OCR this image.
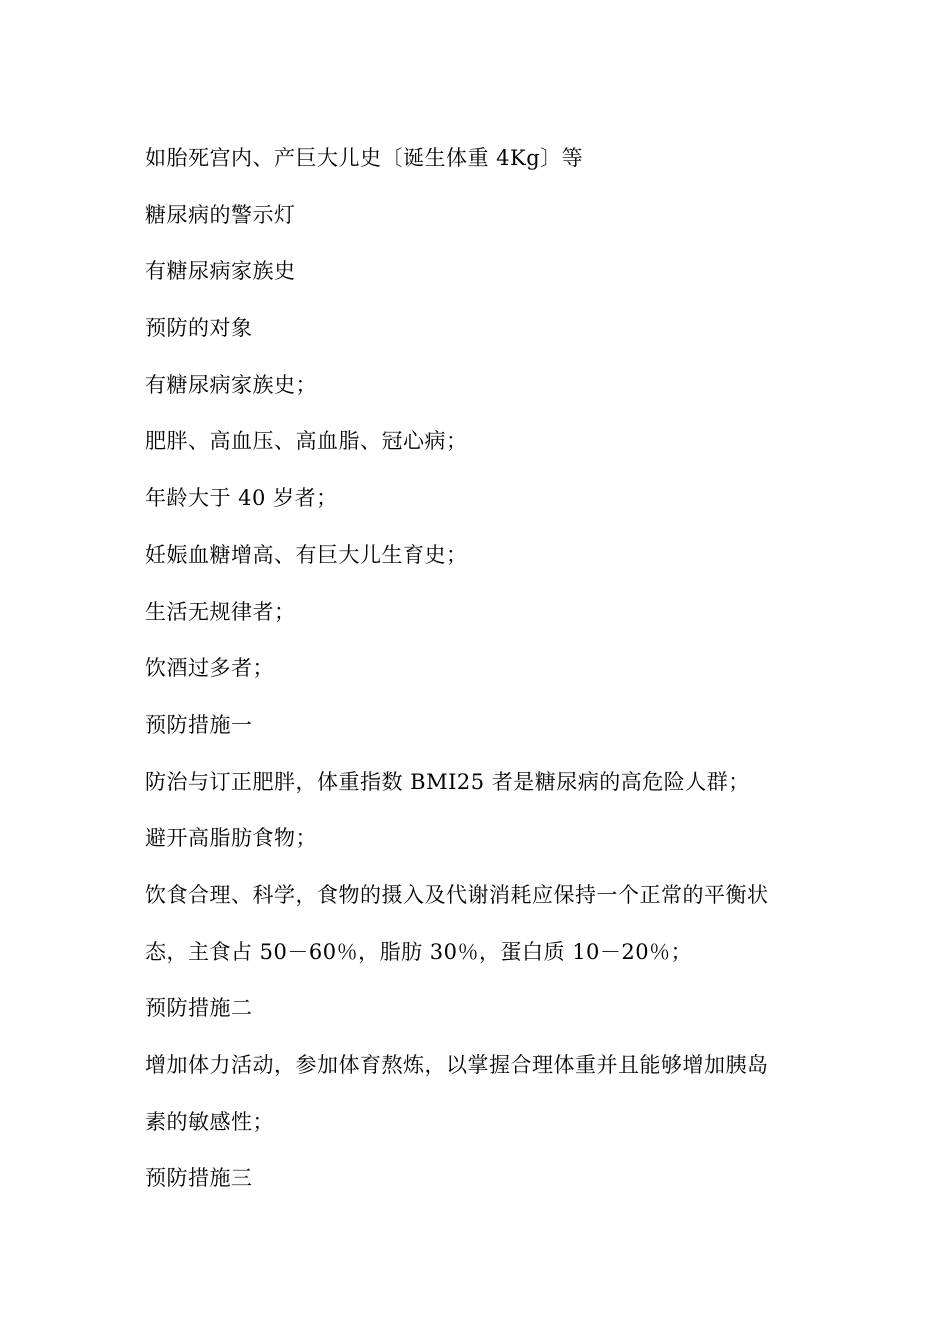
如胎死宫内、产巨大儿史〔诞生体重 4Kg〕等
糖尿病的警示灯
有糖尿病家族史
预防的对象
有糖尿病家族史；
肥胖、高血压、高血脂、冠心病；
年龄大于 40 岁者；
妊娠血糖增高、有巨大儿生育史；
生活无规律者；
饮酒过多者；
预防措施一
防治与订正肥胖，体重指数 BMI25 者是糖尿病的高危险人群；
避开高脂肪食物；
饮食合理、科学，食物的摄入及代谢消耗应保持一个正常的平衡状
态，主食占 50－60％，脂肪 30％，蛋白质 10－20％；
预防措施二
增加体力活动，参加体育熬炼，以掌握合理体重并且能够增加胰岛
素的敏感性；
预防措施三
